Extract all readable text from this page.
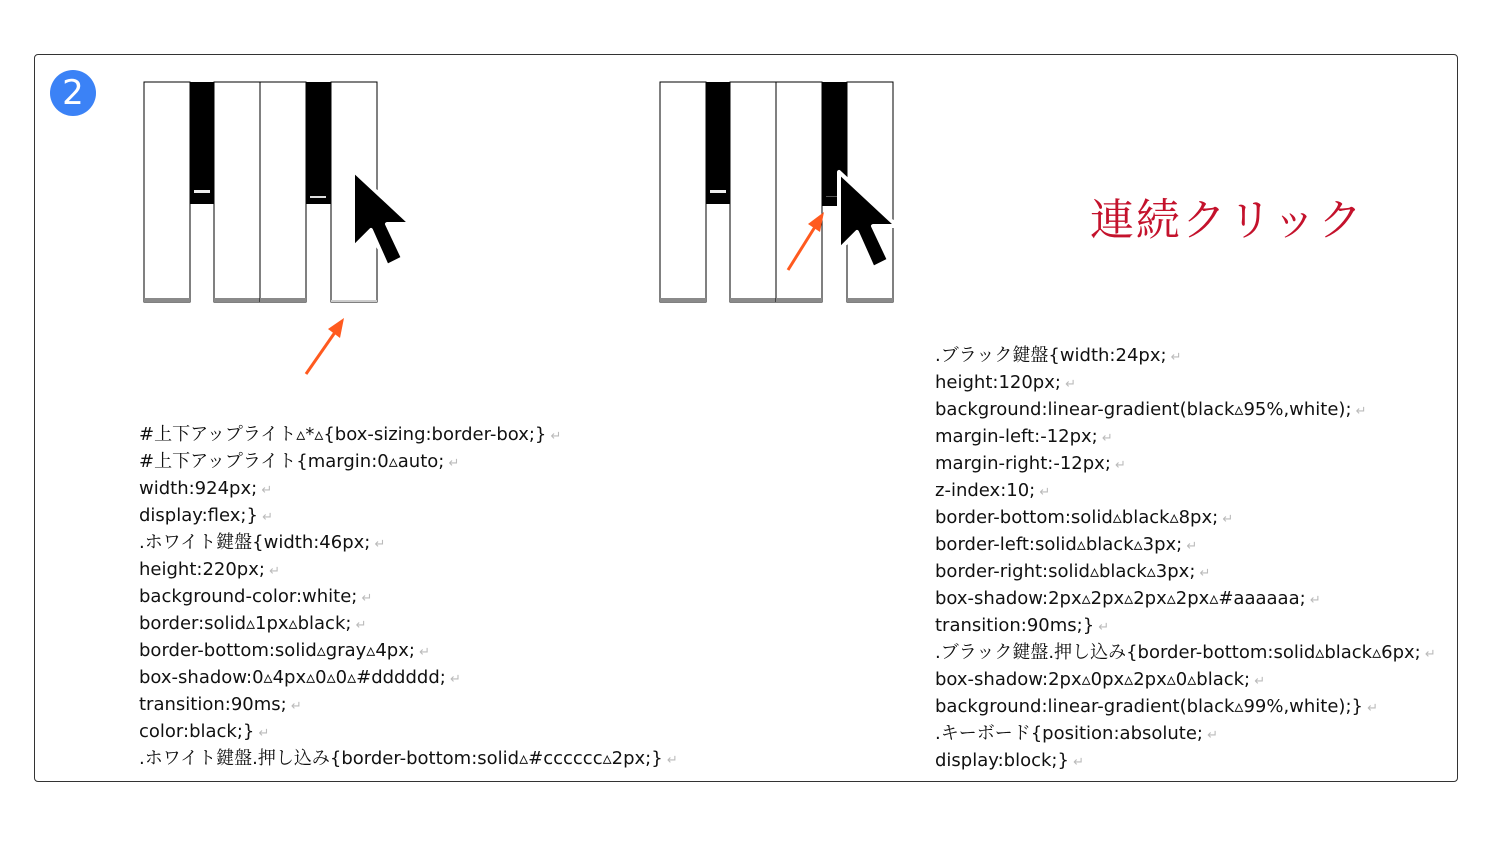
2
連続クリック
#上下アップライト▵*▵{box-sizing:border-box;} ↵
#上下アップライト{margin:0▵auto; ↵
width:924px; ↵
display:flex;} ↵
.ホワイト鍵盤{width:46px; ↵
height:220px; ↵
background-color:white; ↵
border:solid▵1px▵black; ↵
border-bottom:solid▵gray▵4px; ↵
box-shadow:0▵4px▵0▵0▵#dddddd; ↵
transition:90ms; ↵
color:black;} ↵
.ホワイト鍵盤.押し込み{border-bottom:solid▵#cccccc▵2px;} ↵
.ブラック鍵盤{width:24px; ↵
height:120px; ↵
background:linear-gradient(black▵95%,white); ↵
margin-left:-12px; ↵
margin-right:-12px; ↵
z-index:10; ↵
border-bottom:solid▵black▵8px; ↵
border-left:solid▵black▵3px; ↵
border-right:solid▵black▵3px; ↵
box-shadow:2px▵2px▵2px▵2px▵#aaaaaa; ↵
transition:90ms;} ↵
.ブラック鍵盤.押し込み{border-bottom:solid▵black▵6px; ↵
box-shadow:2px▵0px▵2px▵0▵black; ↵
background:linear-gradient(black▵99%,white);} ↵
.キーボード{position:absolute; ↵
display:block;} ↵
